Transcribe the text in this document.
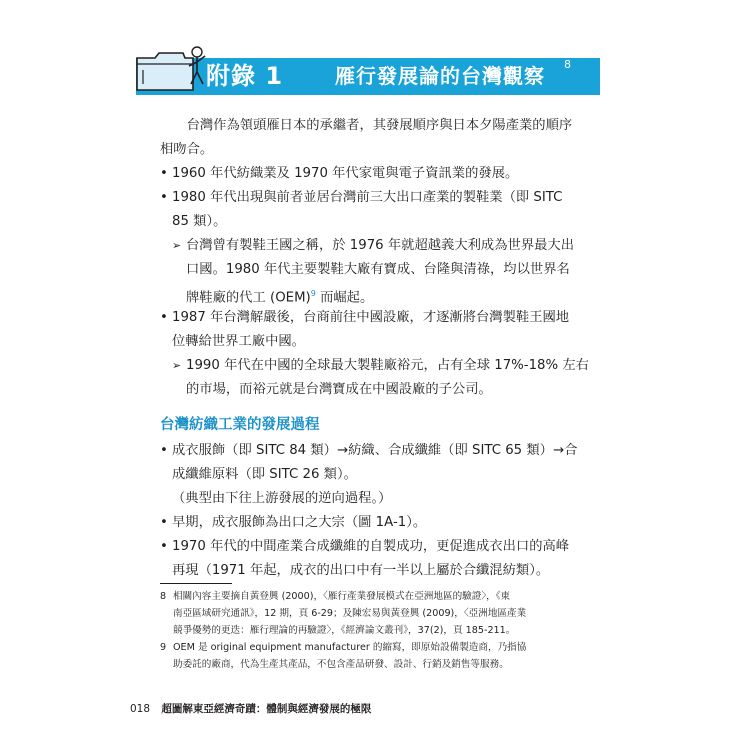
附錄 1	雁行發展論的台灣觀察 8
　　台灣作為領頭雁日本的承繼者，其發展順序與日本夕陽產業的順序
相吻合。
• 1960 年代紡織業及 1970 年代家電與電子資訊業的發展。
• 1980 年代出現與前者並居台灣前三大出口產業的製鞋業（即 SITC
85 類）。
➢ 台灣曾有製鞋王國之稱，於 1976 年就超越義大利成為世界最大出
口國。1980 年代主要製鞋大廠有寶成、台隆與清祿，均以世界名
牌鞋廠的代工 (OEM)$^9$ 而崛起。
• 1987 年台灣解嚴後，台商前往中國設廠，才逐漸將台灣製鞋王國地
位轉給世界工廠中國。
➢ 1990 年代在中國的全球最大製鞋廠裕元，占有全球 17%-18% 左右
的市場，而裕元就是台灣寶成在中國設廠的子公司。
台灣紡織工業的發展過程
• 成衣服飾（即 SITC 84 類）→紡織、合成纖維（即 SITC 65 類）→合
成纖維原料（即 SITC 26 類）。
（典型由下往上游發展的逆向過程。）
• 早期，成衣服飾為出口之大宗（圖 1A-1）。
• 1970 年代的中間產業合成纖維的自製成功，更促進成衣出口的高峰
再現（1971 年起，成衣的出口中有一半以上屬於合纖混紡類）。
8 相關內容主要摘自黃登興 (2000)，〈雁行產業發展模式在亞洲地區的驗證〉，《東
南亞區域研究通訊》，12 期，頁 6-29；及陳宏易與黃登興 (2009)，〈亞洲地區產業
競爭優勢的更迭：雁行理論的再驗證〉，《經濟論文叢刊》，37(2)，頁 185-211。
9 OEM 是 original equipment manufacturer 的縮寫，即原始設備製造商，乃指協
助委託的廠商，代為生產其產品，不包含產品研發、設計、行銷及銷售等服務。
018 超圖解東亞經濟奇蹟：體制與經濟發展的極限
